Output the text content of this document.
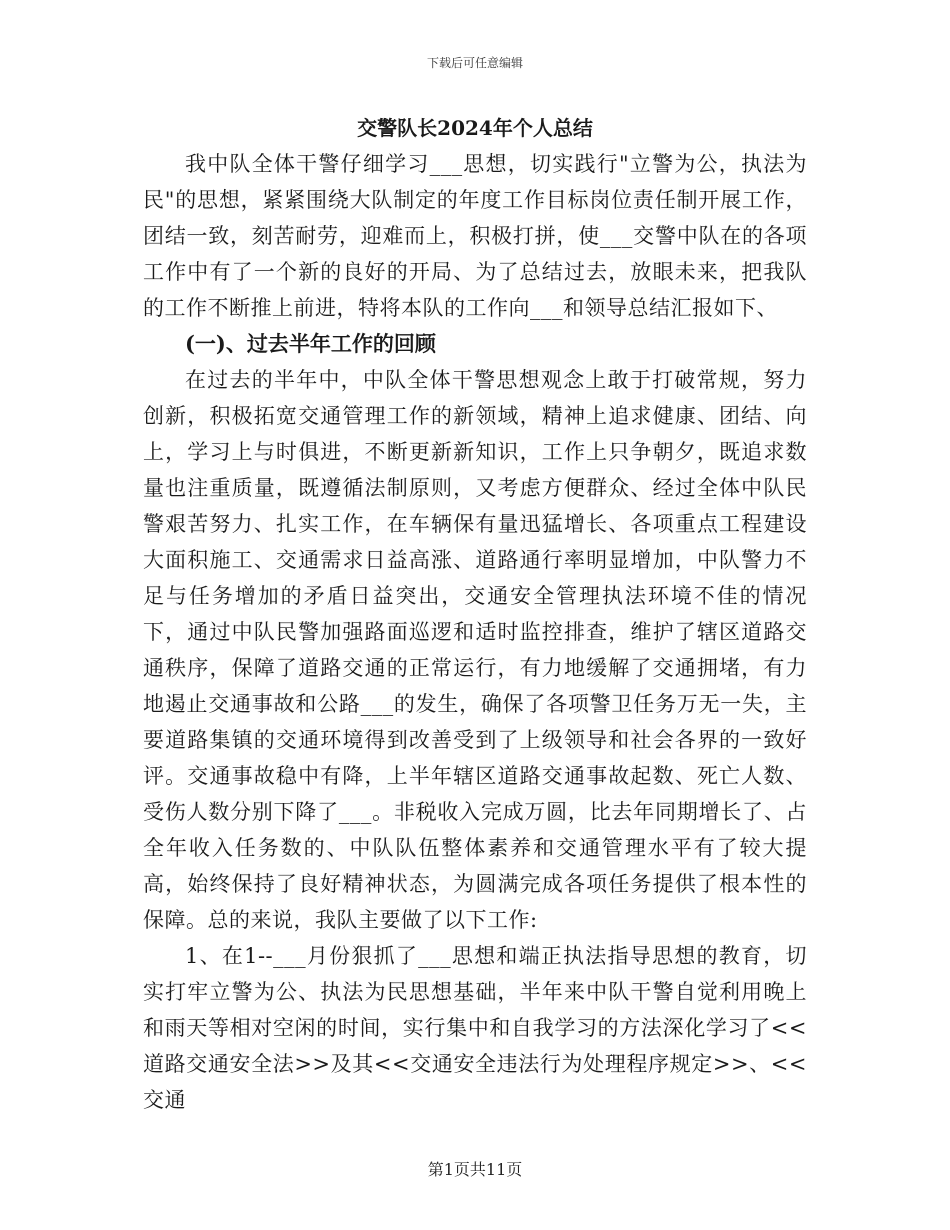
下载后可任意编辑
交警队长2024年个人总结

我中队全体干警仔细学习___思想，切实践行"立警为公，执法为民"的思想，紧紧围绕大队制定的年度工作目标岗位责任制开展工作，团结一致，刻苦耐劳，迎难而上，积极打拼，使___交警中队在的各项工作中有了一个新的良好的开局、为了总结过去，放眼未来，把我队的工作不断推上前进，特将本队的工作向___和领导总结汇报如下、

(一)、过去半年工作的回顾

在过去的半年中，中队全体干警思想观念上敢于打破常规，努力创新，积极拓宽交通管理工作的新领域，精神上追求健康、团结、向上，学习上与时俱进，不断更新新知识，工作上只争朝夕，既追求数量也注重质量，既遵循法制原则，又考虑方便群众、经过全体中队民警艰苦努力、扎实工作，在车辆保有量迅猛增长、各项重点工程建设大面积施工、交通需求日益高涨、道路通行率明显增加，中队警力不足与任务增加的矛盾日益突出，交通安全管理执法环境不佳的情况下，通过中队民警加强路面巡逻和适时监控排查，维护了辖区道路交通秩序，保障了道路交通的正常运行，有力地缓解了交通拥堵，有力地遏止交通事故和公路___的发生，确保了各项警卫任务万无一失，主要道路集镇的交通环境得到改善受到了上级领导和社会各界的一致好评。交通事故稳中有降，上半年辖区道路交通事故起数、死亡人数、受伤人数分别下降了___。非税收入完成万圆，比去年同期增长了、占全年收入任务数的、中队队伍整体素养和交通管理水平有了较大提高，始终保持了良好精神状态，为圆满完成各项任务提供了根本性的保障。总的来说，我队主要做了以下工作:

1、在1--___月份狠抓了___思想和端正执法指导思想的教育，切实打牢立警为公、执法为民思想基础，半年来中队干警自觉利用晚上和雨天等相对空闲的时间，实行集中和自我学习的方法深化学习了<<道路交通安全法>>及其<<交通安全违法行为处理程序规定>>、<<交通

第1页共11页
